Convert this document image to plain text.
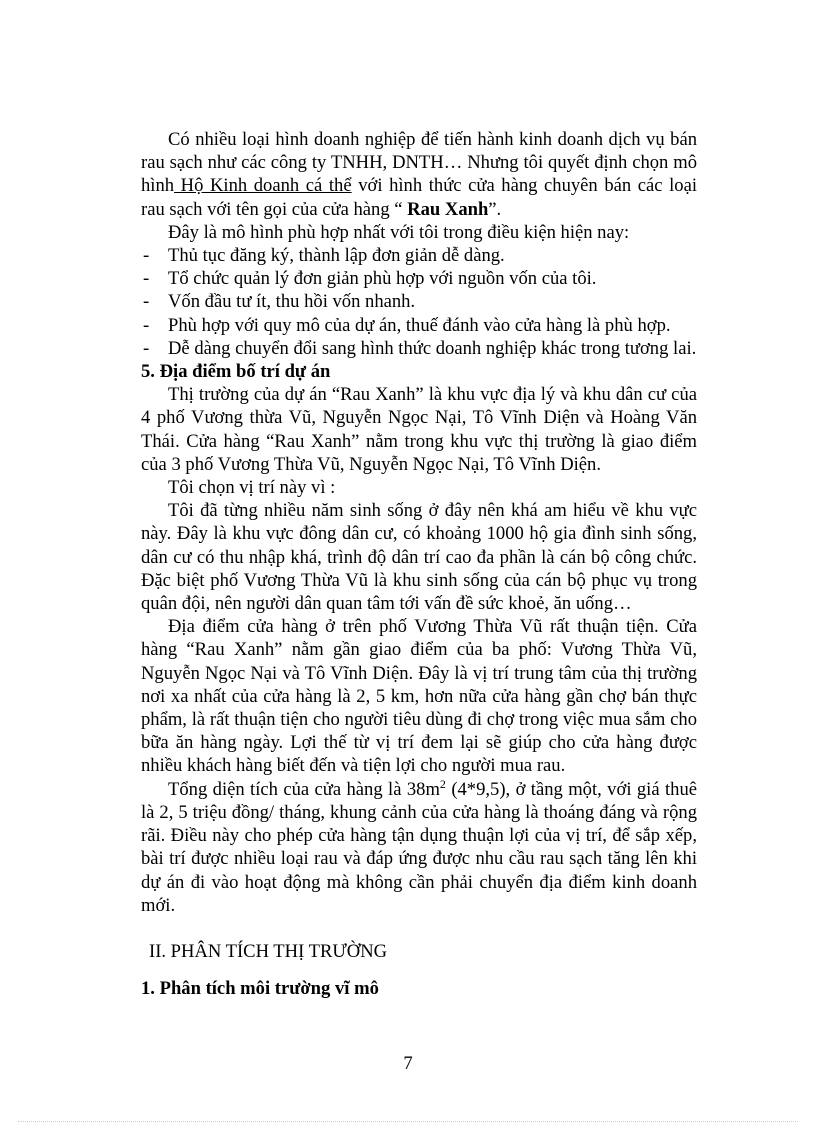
Có nhiều loại hình doanh nghiệp để tiến hành kinh doanh dịch vụ bán rau sạch như các công ty TNHH, DNTH… Nhưng tôi quyết định chọn mô hình Hộ Kinh doanh cá thể với hình thức cửa hàng chuyên bán các loại rau sạch với tên gọi của cửa hàng “ Rau Xanh”.

Đây là mô hình phù hợp nhất với tôi trong điều kiện hiện nay:

- Thủ tục đăng ký, thành lập đơn giản dễ dàng.
- Tổ chức quản lý đơn giản phù hợp với nguồn vốn của tôi.
- Vốn đầu tư ít, thu hồi vốn nhanh.
- Phù hợp với quy mô của dự án, thuế đánh vào cửa hàng là phù hợp.
- Dễ dàng chuyển đổi sang hình thức doanh nghiệp khác trong tương lai.
5. Địa điểm bố trí dự án

Thị trường của dự án “Rau Xanh” là khu vực địa lý và khu dân cư của 4 phố Vương thừa Vũ, Nguyễn Ngọc Nại, Tô Vĩnh Diện và Hoàng Văn Thái. Cửa hàng “Rau Xanh” nằm trong khu vực thị trường là giao điểm của 3 phố Vương Thừa Vũ, Nguyễn Ngọc Nại, Tô Vĩnh Diện.

Tôi chọn vị trí này vì :

Tôi đã từng nhiều năm sinh sống ở đây nên khá am hiểu về khu vực này. Đây là khu vực đông dân cư, có khoảng 1000 hộ gia đình sinh sống, dân cư có thu nhập khá, trình độ dân trí cao đa phần là cán bộ công chức. Đặc biệt phố Vương Thừa Vũ là khu sinh sống của cán bộ phục vụ trong quân đội, nên người dân quan tâm tới vấn đề sức khoẻ, ăn uống…

Địa điểm cửa hàng ở trên phố Vương Thừa Vũ rất thuận tiện. Cửa hàng “Rau Xanh” nằm gần giao điểm của ba phố: Vương Thừa Vũ, Nguyễn Ngọc Nại và Tô Vĩnh Diện. Đây là vị trí trung tâm của thị trường nơi xa nhất của cửa hàng là 2, 5 km, hơn nữa cửa hàng gần chợ bán thực phẩm, là rất thuận tiện cho người tiêu dùng đi chợ trong việc mua sắm cho bữa ăn hàng ngày. Lợi thế từ vị trí đem lại sẽ giúp cho cửa hàng được nhiều khách hàng biết đến và tiện lợi cho người mua rau.

Tổng diện tích của cửa hàng là $38m^2$ (4*9,5), ở tầng một, với giá thuê là 2, 5 triệu đồng/ tháng, khung cảnh của cửa hàng là thoáng đáng và rộng rãi. Điều này cho phép cửa hàng tận dụng thuận lợi của vị trí, để sắp xếp, bài trí được nhiều loại rau và đáp ứng được nhu cầu rau sạch tăng lên khi dự án đi vào hoạt động mà không cần phải chuyển địa điểm kinh doanh mới.

II. PHÂN TÍCH THỊ TRƯỜNG
1. Phân tích môi trường vĩ mô
7
